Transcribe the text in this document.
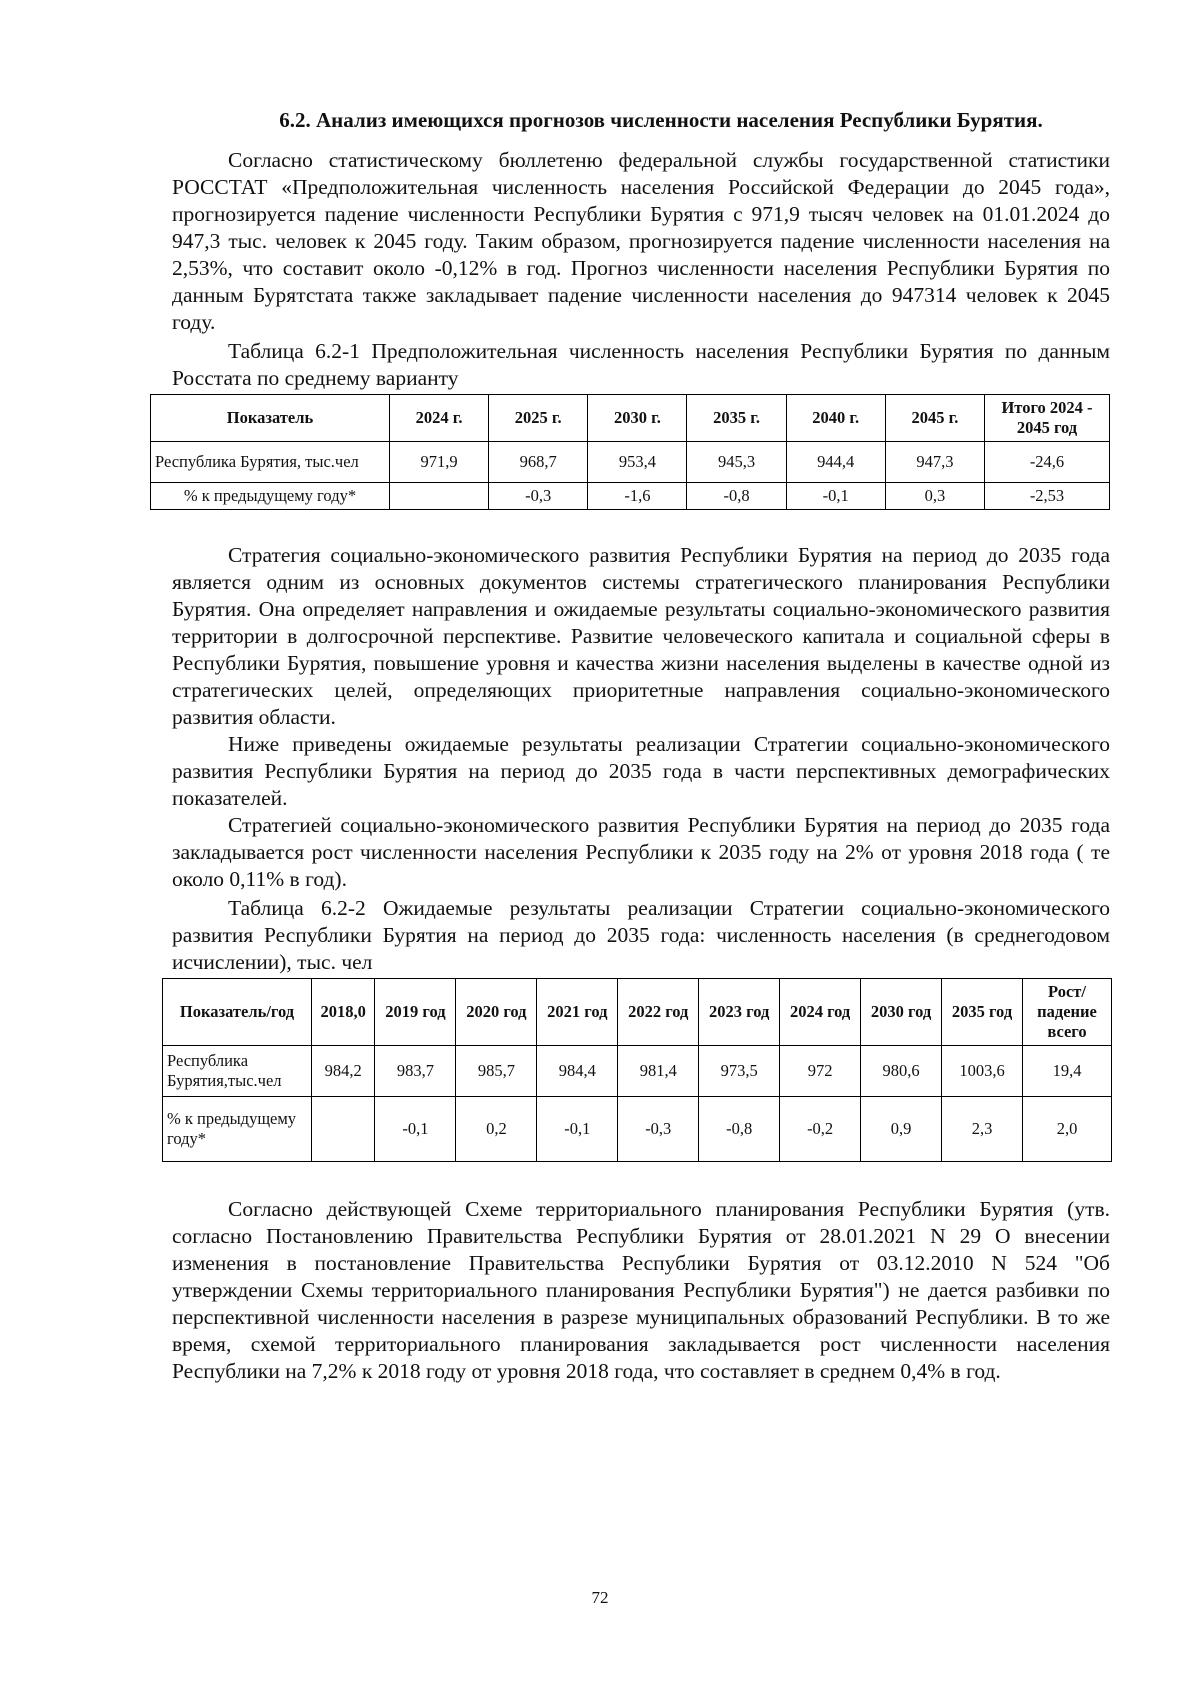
6.2. Анализ имеющихся прогнозов численности населения Республики Бурятия.

Согласно статистическому бюллетеню федеральной службы государственной статистики РОССТАТ «Предположительная численность населения Российской Федерации до 2045 года», прогнозируется падение численности Республики Бурятия с 971,9 тысяч человек на 01.01.2024 до 947,3 тыс. человек к 2045 году. Таким образом, прогнозируется падение численности населения на 2,53%, что составит около -0,12% в год. Прогноз численности населения Республики Бурятия по данным Бурятстата также закладывает падение численности населения до 947314 человек к 2045 году.

Таблица 6.2-1 Предположительная численность населения Республики Бурятия по данным Росстата по среднему варианту

Показатель	2024 г.	2025 г.	2030 г.	2035 г.	2040 г.	2045 г.	Итого 2024 - 2045 год
Республика Бурятия, тыс.чел	971,9	968,7	953,4	945,3	944,4	947,3	-24,6
% к предыдущему году*		-0,3	-1,6	-0,8	-0,1	0,3	-2,53

Стратегия социально-экономического развития Республики Бурятия на период до 2035 года является одним из основных документов системы стратегического планирования Республики Бурятия. Она определяет направления и ожидаемые результаты социально-экономического развития территории в долгосрочной перспективе. Развитие человеческого капитала и социальной сферы в Республики Бурятия, повышение уровня и качества жизни населения выделены в качестве одной из стратегических целей, определяющих приоритетные направления социально-экономического развития области.

Ниже приведены ожидаемые результаты реализации Стратегии социально-экономического развития Республики Бурятия на период до 2035 года в части перспективных демографических показателей.

Стратегией социально-экономического развития Республики Бурятия на период до 2035 года закладывается рост численности населения Республики к 2035 году на 2% от уровня 2018 года ( те около 0,11% в год).

Таблица 6.2-2 Ожидаемые результаты реализации Стратегии социально-экономического развития Республики Бурятия на период до 2035 года: численность населения (в среднегодовом исчислении), тыс. чел

Показатель/год	2018,0	2019 год	2020 год	2021 год	2022 год	2023 год	2024 год	2030 год	2035 год	Рост/ падение всего
Республика Бурятия,тыс.чел	984,2	983,7	985,7	984,4	981,4	973,5	972	980,6	1003,6	19,4
% к предыдущему году*		-0,1	0,2	-0,1	-0,3	-0,8	-0,2	0,9	2,3	2,0

Согласно действующей Схеме территориального планирования Республики Бурятия (утв. согласно Постановлению Правительства Республики Бурятия от 28.01.2021 N 29 О внесении изменения в постановление Правительства Республики Бурятия от 03.12.2010 N 524 "Об утверждении Схемы территориального планирования Республики Бурятия") не дается разбивки по перспективной численности населения в разрезе муниципальных образований Республики. В то же время, схемой территориального планирования закладывается рост численности населения Республики на 7,2% к 2018 году от уровня 2018 года, что составляет в среднем 0,4% в год.

72
